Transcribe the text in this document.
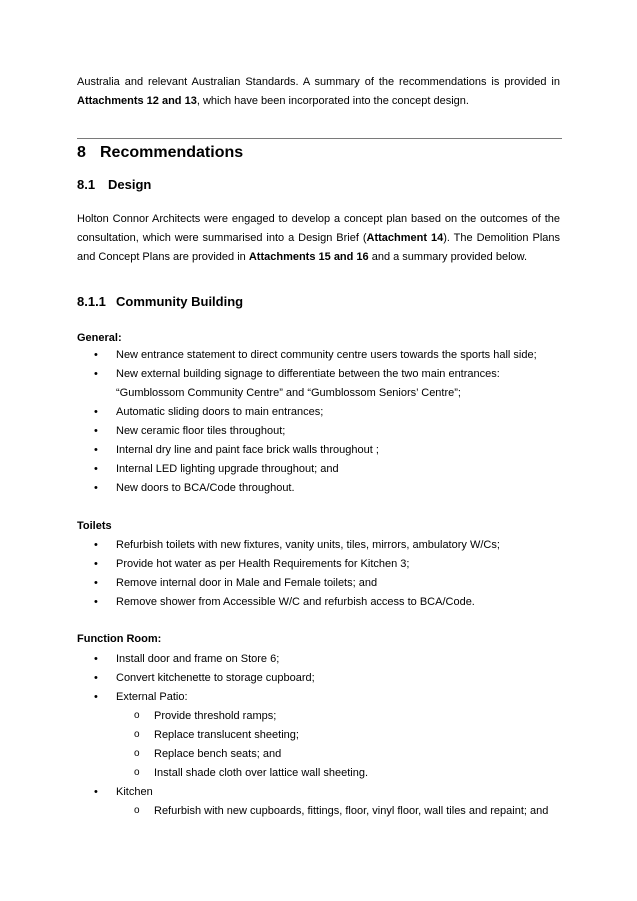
Australia and relevant Australian Standards. A summary of the recommendations is provided in Attachments 12 and 13, which have been incorporated into the concept design.

8 Recommendations
8.1 Design

Holton Connor Architects were engaged to develop a concept plan based on the outcomes of the consultation, which were summarised into a Design Brief (Attachment 14). The Demolition Plans and Concept Plans are provided in Attachments 15 and 16 and a summary provided below.

8.1.1 Community Building

General:

• New entrance statement to direct community centre users towards the sports hall side;
• New external building signage to differentiate between the two main entrances: “Gumblossom Community Centre” and “Gumblossom Seniors’ Centre”;
• Automatic sliding doors to main entrances;
• New ceramic floor tiles throughout;
• Internal dry line and paint face brick walls throughout ;
• Internal LED lighting upgrade throughout; and
• New doors to BCA/Code throughout.

Toilets

• Refurbish toilets with new fixtures, vanity units, tiles, mirrors, ambulatory W/Cs;
• Provide hot water as per Health Requirements for Kitchen 3;
• Remove internal door in Male and Female toilets; and
• Remove shower from Accessible W/C and refurbish access to BCA/Code.

Function Room:

• Install door and frame on Store 6;
• Convert kitchenette to storage cupboard;
• External Patio:
o Provide threshold ramps;
o Replace translucent sheeting;
o Replace bench seats; and
o Install shade cloth over lattice wall sheeting.
• Kitchen
o Refurbish with new cupboards, fittings, floor, vinyl floor, wall tiles and repaint; and
